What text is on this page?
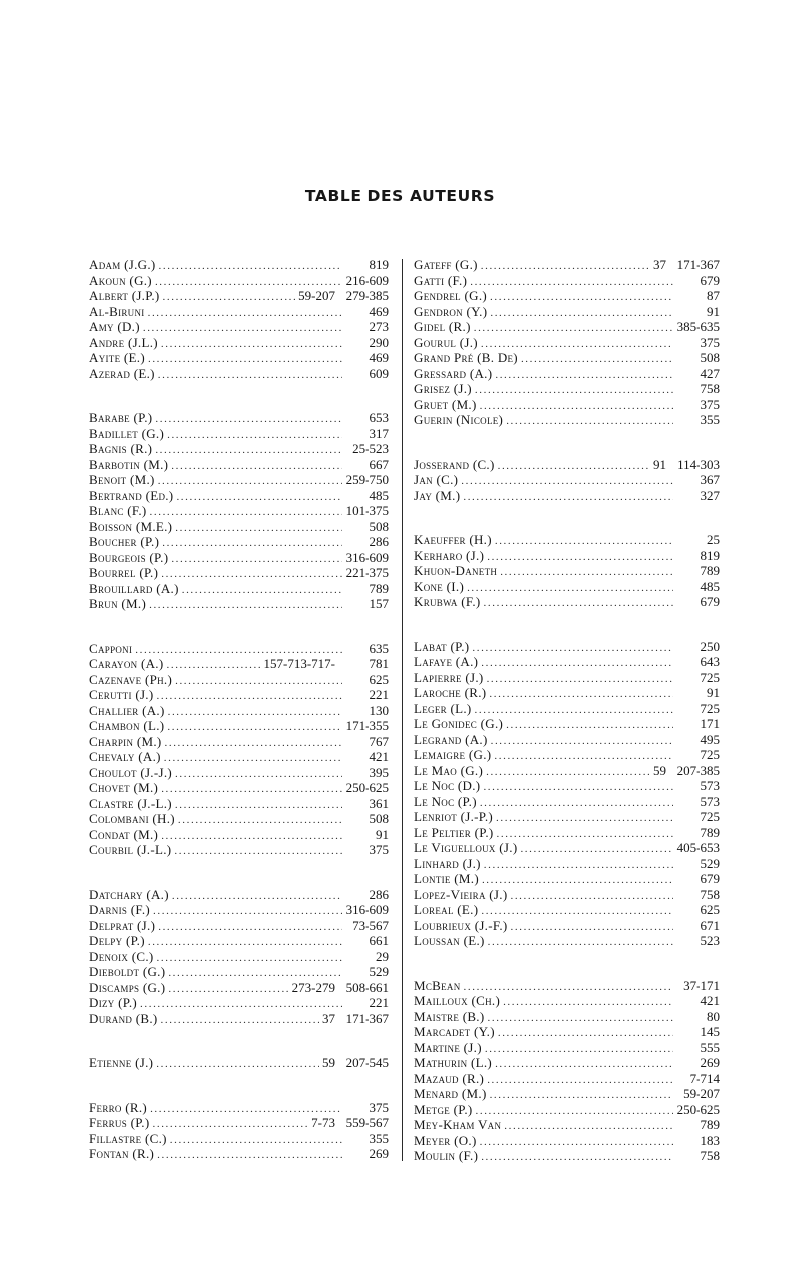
TABLE DES AUTEURS
Adam (J.G.) .....	819
Akoun (G.) .....	216-609
Albert (J.P.) .....	59-207 279-385
Al-Biruni .....	469
Amy (D.) .....	273
Andre (J.L.) .....	290
Ayite (E.) .....	469
Azerad (E.) .....	609
Barabe (P.) .....	653
Badillet (G.) .....	317
Bagnis (R.) .....	25-523
Barbotin (M.) .....	667
Benoit (M.) .....	259-750
Bertrand (Ed.) .....	485
Blanc (F.) .....	101-375
Boisson (M.E.) .....	508
Boucher (P.) .....	286
Bourgeois (P.) .....	316-609
Bourrel (P.) .....	221-375
Brouillard (A.) .....	789
Brun (M.) .....	157
Capponi .....	635
Carayon (A.) .....	157-713-717-	781
Cazenave (Ph.) .....	625
Cerutti (J.) .....	221
Challier (A.) .....	130
Chambon (L.) .....	171-355
Charpin (M.) .....	767
Chevaly (A.) .....	421
Choulot (J.-J.) .....	395
Chovet (M.) .....	250-625
Clastre (J.-L.) .....	361
Colombani (H.) .....	508
Condat (M.) .....	91
Courbil (J.-L.) .....	375
Datchary (A.) .....	286
Darnis (F.) .....	316-609
Delprat (J.) .....	73-567
Delpy (P.) .....	661
Denoix (C.) .....	29
Dieboldt (G.) .....	529
Discamps (G.) .....	273-279 508-661
Dizy (P.) .....	221
Durand (B.) .....	37 171-367
Etienne (J.) .....	59 207-545
Ferro (R.) .....	375
Ferrus (P.) .....	7-73 559-567
Fillastre (C.) .....	355
Fontan (R.) .....	269
Gateff (G.) .....	37 171-367
Gatti (F.) .....	679
Gendrel (G.) .....	87
Gendron (Y.) .....	91
Gidel (R.) .....	385-635
Gourul (J.) .....	375
Grand Pré (B. De) .....	508
Gressard (A.) .....	427
Grisez (J.) .....	758
Gruet (M.) .....	375
Guerin (Nicole) .....	355
Josserand (C.) .....	91 114-303
Jan (C.) .....	367
Jay (M.) .....	327
Kaeuffer (H.) .....	25
Kerharo (J.) .....	819
Khuon-Daneth .....	789
Kone (I.) .....	485
Krubwa (F.) .....	679
Labat (P.) .....	250
Lafaye (A.) .....	643
Lapierre (J.) .....	725
Laroche (R.) .....	91
Leger (L.) .....	725
Le Gonidec (G.) .....	171
Legrand (A.) .....	495
Lemaigre (G.) .....	725
Le Mao (G.) .....	59 207-385
Le Noc (D.) .....	573
Le Noc (P.) .....	573
Lenriot (J.-P.) .....	725
Le Peltier (P.) .....	789
Le Viguelloux (J.) .....	405-653
Linhard (J.) .....	529
Lontie (M.) .....	679
Lopez-Vieira (J.) .....	758
Loreal (E.) .....	625
Loubrieux (J.-F.) .....	671
Loussan (E.) .....	523
McBean .....	37-171
Mailloux (Ch.) .....	421
Maistre (B.) .....	80
Marcadet (Y.) .....	145
Martine (J.) .....	555
Mathurin (L.) .....	269
Mazaud (R.) .....	7-714
Menard (M.) .....	59-207
Metge (P.) .....	250-625
Mey-Kham Van .....	789
Meyer (O.) .....	183
Moulin (F.) .....	758
